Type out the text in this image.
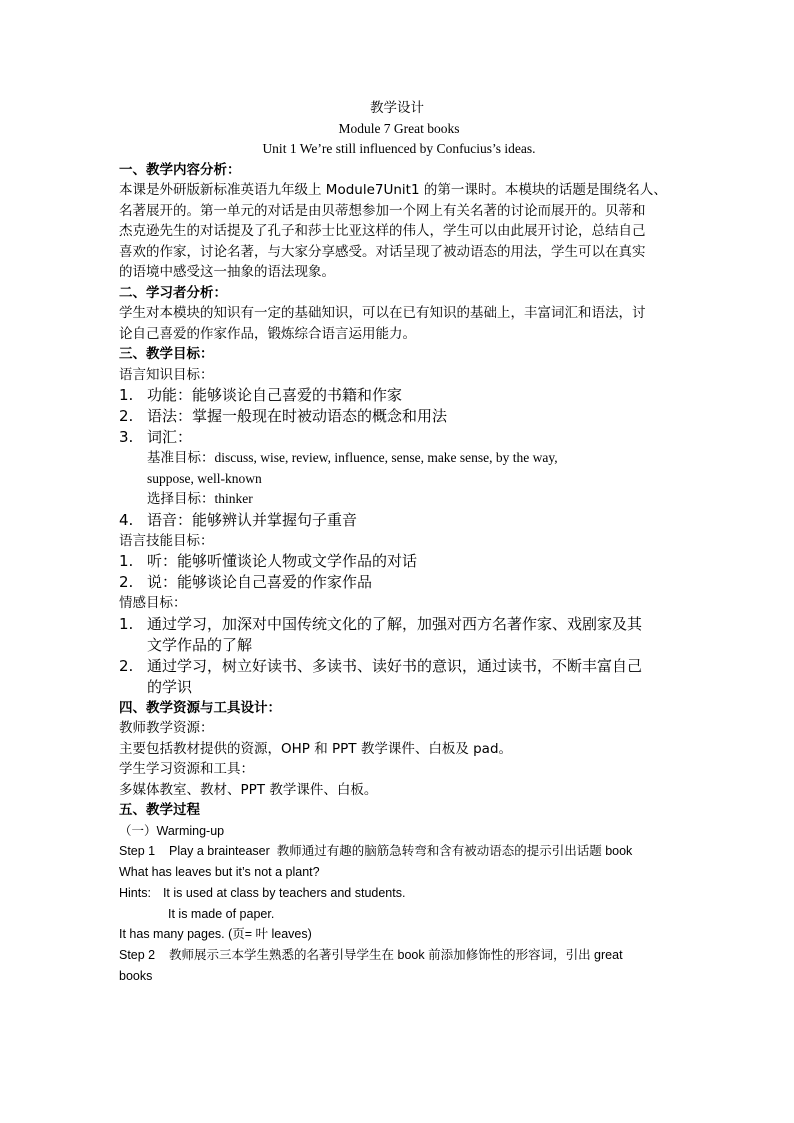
教学设计

Module 7 Great books

Unit 1 We’re still influenced by Confucius’s ideas.

一、教学内容分析：

本课是外研版新标准英语九年级上 Module7Unit1 的第一课时。本模块的话题是围绕名人、

名著展开的。第一单元的对话是由贝蒂想参加一个网上有关名著的讨论而展开的。贝蒂和

杰克逊先生的对话提及了孔子和莎士比亚这样的伟人，学生可以由此展开讨论，总结自己

喜欢的作家，讨论名著，与大家分享感受。对话呈现了被动语态的用法，学生可以在真实

的语境中感受这一抽象的语法现象。

二、学习者分析：

学生对本模块的知识有一定的基础知识，可以在已有知识的基础上，丰富词汇和语法，讨

论自己喜爱的作家作品，锻炼综合语言运用能力。

三、教学目标：

语言知识目标：

1. 功能：能够谈论自己喜爱的书籍和作家
2. 语法：掌握一般现在时被动语态的概念和用法
3. 词汇：

基准目标：discuss, wise, review, influence, sense, make sense, by the way,

suppose, well-known

选择目标：thinker

4. 语音：能够辨认并掌握句子重音

语言技能目标：

1. 听：能够听懂谈论人物或文学作品的对话
2. 说：能够谈论自己喜爱的作家作品

情感目标：

1. 通过学习，加深对中国传统文化的了解，加强对西方名著作家、戏剧家及其

文学作品的了解

2. 通过学习，树立好读书、多读书、读好书的意识，通过读书，不断丰富自己

的学识

四、教学资源与工具设计：

教师教学资源：

主要包括教材提供的资源，OHP 和 PPT 教学课件、白板及 pad。

学生学习资源和工具：

多媒体教室、教材、PPT 教学课件、白板。

五、教学过程

（一）Warming-up

Step 1    Play a brainteaser  教师通过有趣的脑筋急转弯和含有被动语态的提示引出话题 book

What has leaves but it’s not a plant?

Hints: It is used at class by teachers and students.

It is made of paper.

It has many pages. (页= 叶 leaves)

Step 2    教师展示三本学生熟悉的名著引导学生在 book 前添加修饰性的形容词，引出 great

books
